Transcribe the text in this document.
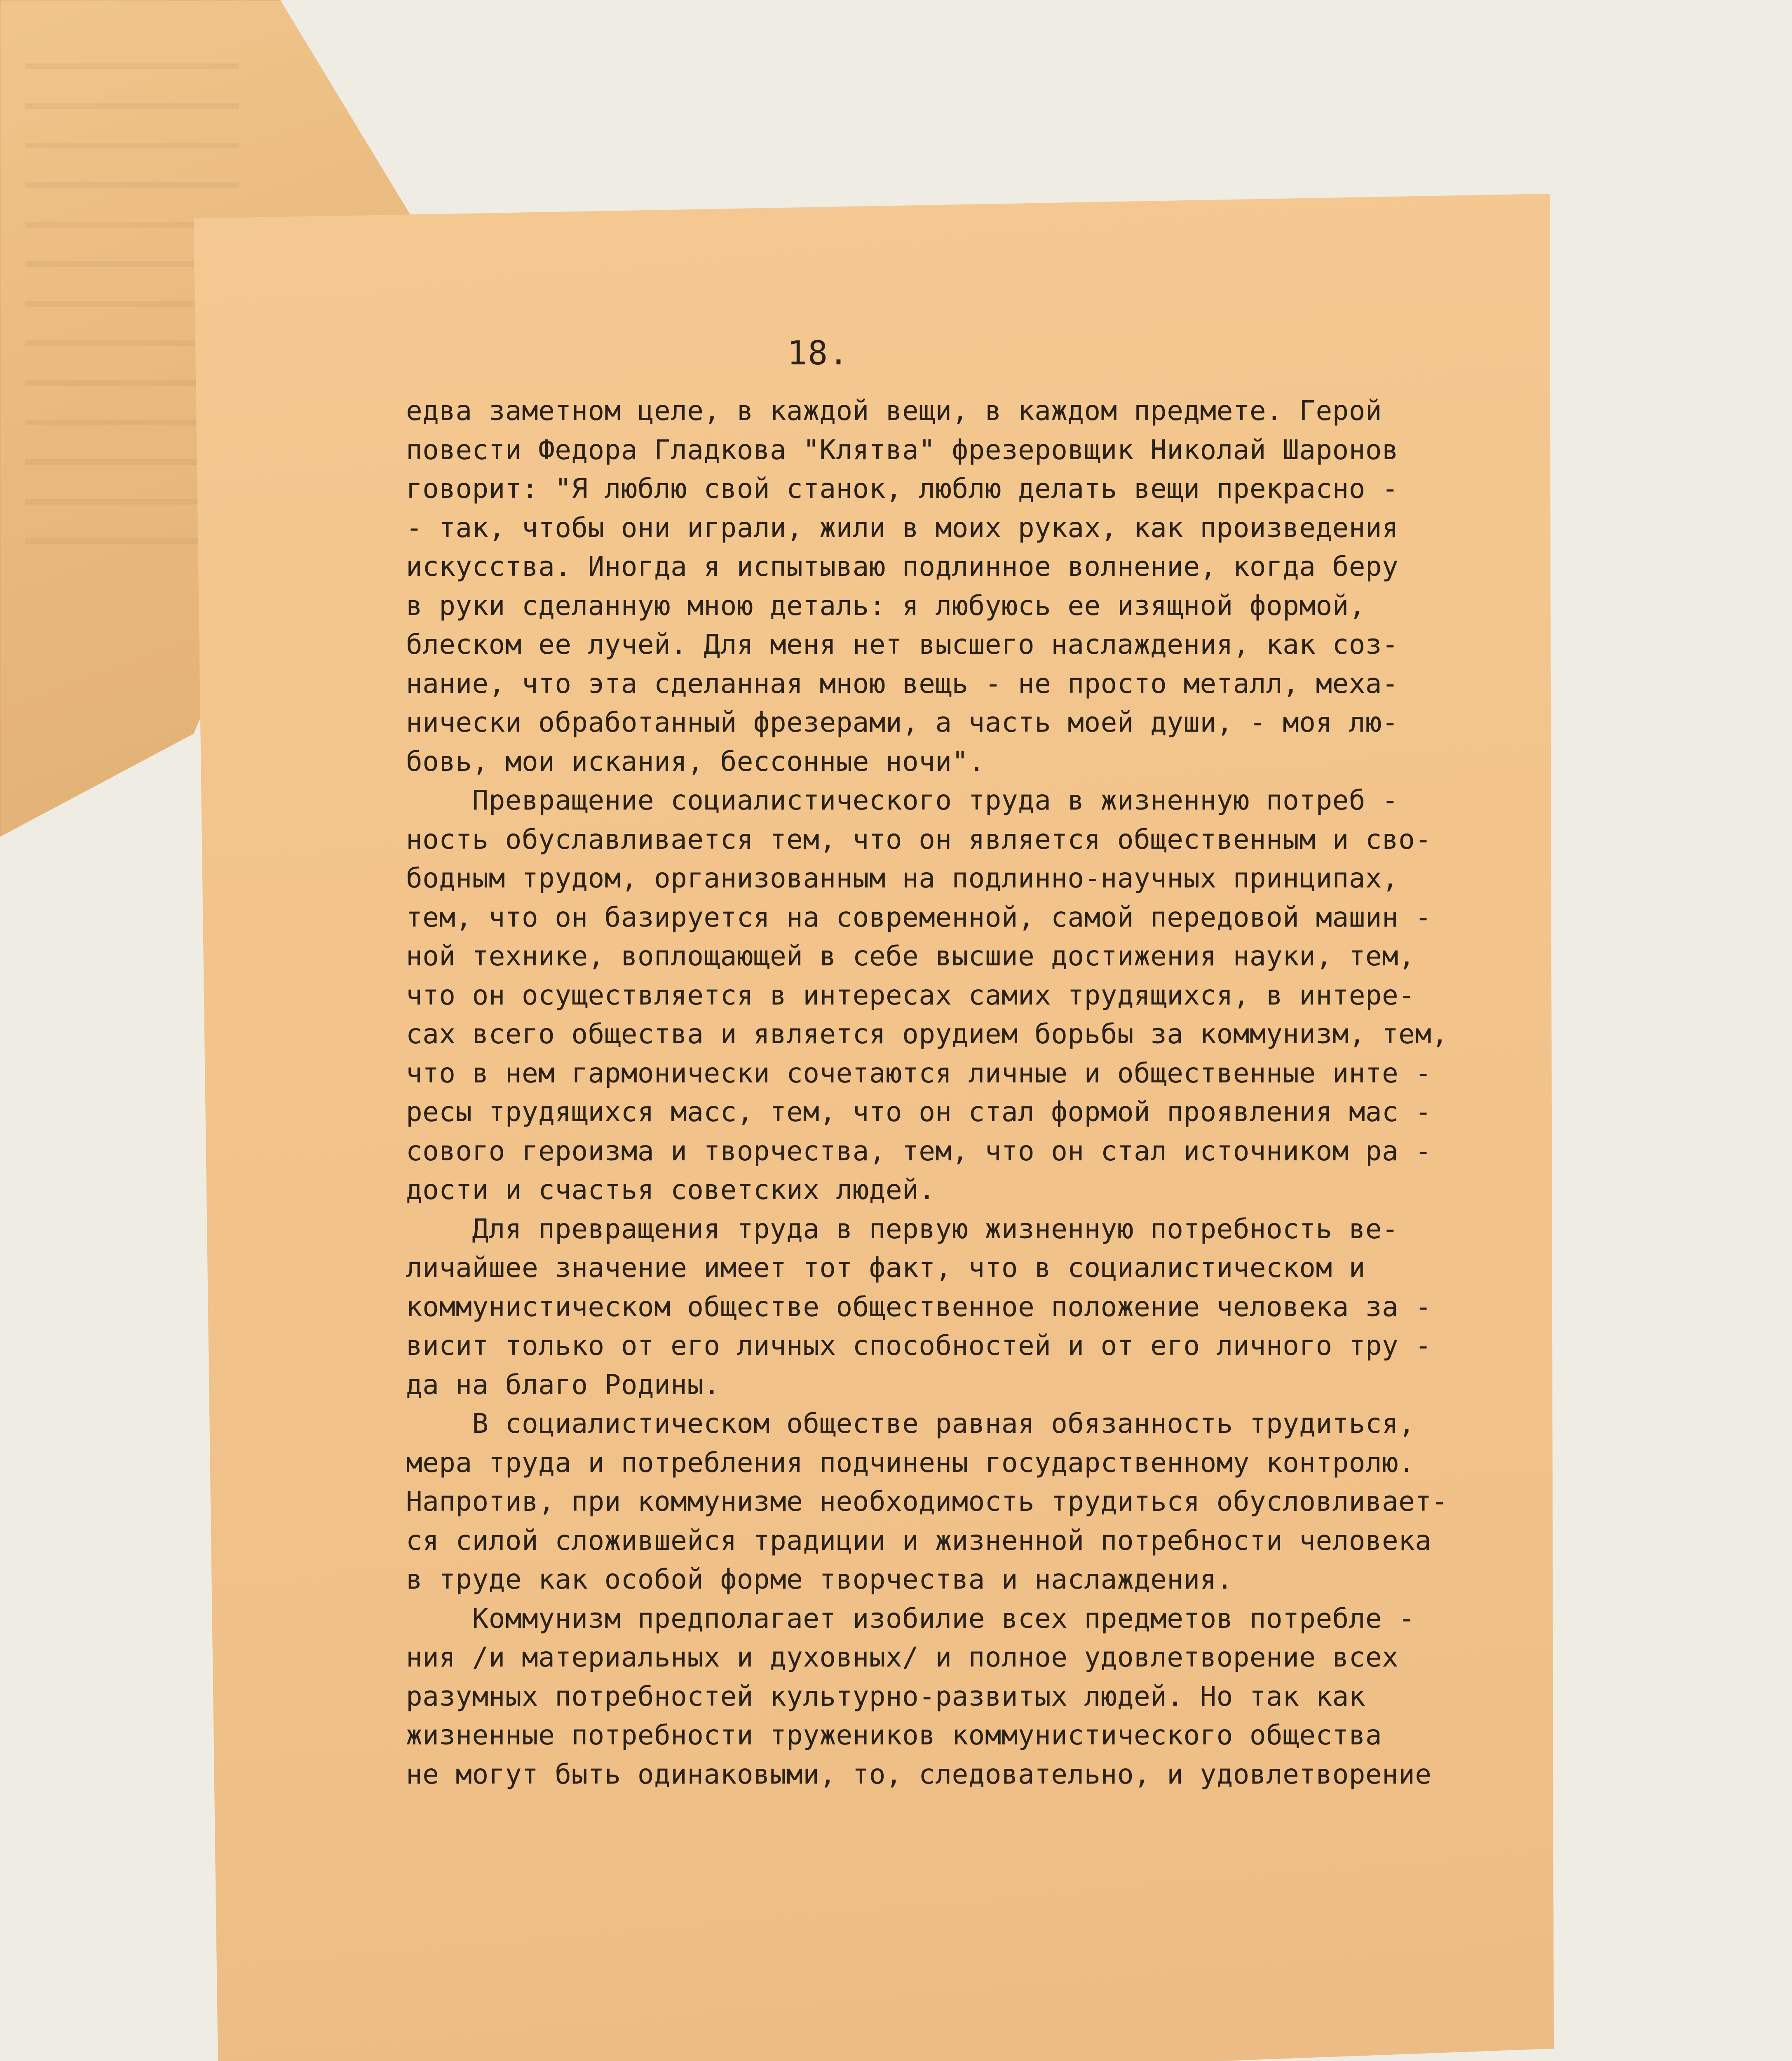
18.
едва заметном целе, в каждой вещи, в каждом предмете. Герой
повести Федора Гладкова "Клятва" фрезеровщик Николай Шаронов
говорит: "Я люблю свой станок, люблю делать вещи прекрасно -
- так, чтобы они играли, жили в моих руках, как произведения
искусства. Иногда я испытываю подлинное волнение, когда беру
в руки сделанную мною деталь: я любуюсь ее изящной формой,
блеском ее лучей. Для меня нет высшего наслаждения, как соз-
нание, что эта сделанная мною вещь - не просто металл, меха-
нически обработанный фрезерами, а часть моей души, - моя лю-
бовь, мои искания, бессонные ночи".
Превращение социалистического труда в жизненную потреб -
ность обуславливается тем, что он является общественным и сво-
бодным трудом, организованным на подлинно-научных принципах,
тем, что он базируется на современной, самой передовой машин -
ной технике, воплощающей в себе высшие достижения науки, тем,
что он осуществляется в интересах самих трудящихся, в интере-
сах всего общества и является орудием борьбы за коммунизм, тем,
что в нем гармонически сочетаются личные и общественные инте -
ресы трудящихся масс, тем, что он стал формой проявления мас -
сового героизма и творчества, тем, что он стал источником ра -
дости и счастья советских людей.
Для превращения труда в первую жизненную потребность ве-
личайшее значение имеет тот факт, что в социалистическом и
коммунистическом обществе общественное положение человека за -
висит только от его личных способностей и от его личного тру -
да на благо Родины.
В социалистическом обществе равная обязанность трудиться,
мера труда и потребления подчинены государственному контролю.
Напротив, при коммунизме необходимость трудиться обусловливает-
ся силой сложившейся традиции и жизненной потребности человека
в труде как особой форме творчества и наслаждения.
Коммунизм предполагает изобилие всех предметов потребле -
ния /и материальных и духовных/ и полное удовлетворение всех
разумных потребностей культурно-развитых людей. Но так как
жизненные потребности тружеников коммунистического общества
не могут быть одинаковыми, то, следовательно, и удовлетворение
